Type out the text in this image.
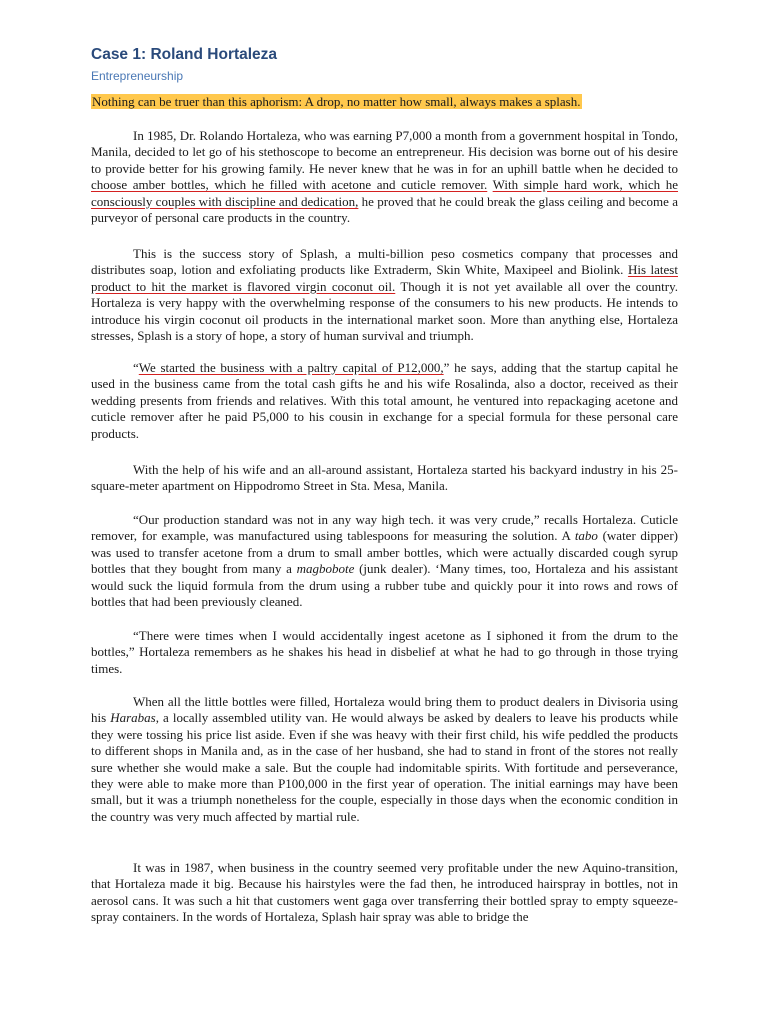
Case 1: Roland Hortaleza
Entrepreneurship
Nothing can be truer than this aphorism: A drop, no matter how small, always makes a splash.

In 1985, Dr. Rolando Hortaleza, who was earning P7,000 a month from a government hospital in Tondo, Manila, decided to let go of his stethoscope to become an entrepreneur. His decision was borne out of his desire to provide better for his growing family. He never knew that he was in for an uphill battle when he decided to choose amber bottles, which he filled with acetone and cuticle remover. With simple hard work, which he consciously couples with discipline and dedication, he proved that he could break the glass ceiling and become a purveyor of personal care products in the country.

This is the success story of Splash, a multi-billion peso cosmetics company that processes and distributes soap, lotion and exfoliating products like Extraderm, Skin White, Maxipeel and Biolink. His latest product to hit the market is flavored virgin coconut oil. Though it is not yet available all over the country. Hortaleza is very happy with the overwhelming response of the consumers to his new products. He intends to introduce his virgin coconut oil products in the international market soon. More than anything else, Hortaleza stresses, Splash is a story of hope, a story of human survival and triumph.

“We started the business with a paltry capital of P12,000,” he says, adding that the startup capital he used in the business came from the total cash gifts he and his wife Rosalinda, also a doctor, received as their wedding presents from friends and relatives. With this total amount, he ventured into repackaging acetone and cuticle remover after he paid P5,000 to his cousin in exchange for a special formula for these personal care products.

With the help of his wife and an all-around assistant, Hortaleza started his backyard industry in his 25-square-meter apartment on Hippodromo Street in Sta. Mesa, Manila.

“Our production standard was not in any way high tech. it was very crude,” recalls Hortaleza. Cuticle remover, for example, was manufactured using tablespoons for measuring the solution. A tabo (water dipper) was used to transfer acetone from a drum to small amber bottles, which were actually discarded cough syrup bottles that they bought from many a magbobote (junk dealer). ‘Many times, too, Hortaleza and his assistant would suck the liquid formula from the drum using a rubber tube and quickly pour it into rows and rows of bottles that had been previously cleaned.

“There were times when I would accidentally ingest acetone as I siphoned it from the drum to the bottles,” Hortaleza remembers as he shakes his head in disbelief at what he had to go through in those trying times.

When all the little bottles were filled, Hortaleza would bring them to product dealers in Divisoria using his Harabas, a locally assembled utility van. He would always be asked by dealers to leave his products while they were tossing his price list aside. Even if she was heavy with their first child, his wife peddled the products to different shops in Manila and, as in the case of her husband, she had to stand in front of the stores not really sure whether she would make a sale. But the couple had indomitable spirits. With fortitude and perseverance, they were able to make more than P100,000 in the first year of operation. The initial earnings may have been small, but it was a triumph nonetheless for the couple, especially in those days when the economic condition in the country was very much affected by martial rule.

It was in 1987, when business in the country seemed very profitable under the new Aquino-transition, that Hortaleza made it big. Because his hairstyles were the fad then, he introduced hairspray in bottles, not in aerosol cans. It was such a hit that customers went gaga over transferring their bottled spray to empty squeeze-spray containers. In the words of Hortaleza, Splash hair spray was able to bridge the
